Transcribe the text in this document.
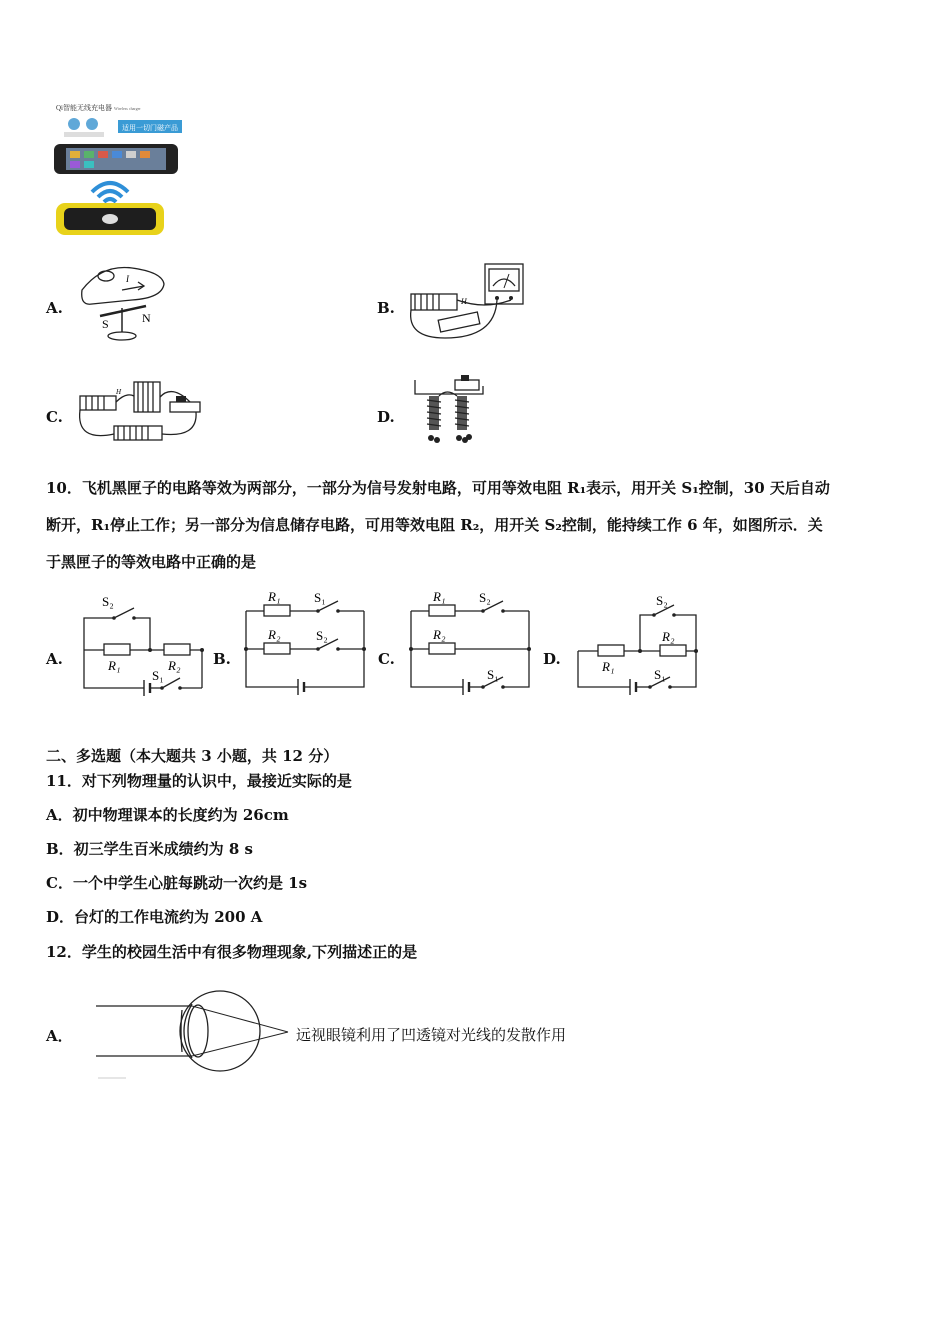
Qi智能无线充电器 Wireless charger
适用一切门磁产品
A.
I
S	N
B.	H
C.
H
D.
10．飞机黑匣子的电路等效为两部分，一部分为信号发射电路，可用等效电阻 R₁表示，用开关 S₁控制，30 天后自动
断开，R₁停止工作；另一部分为信息储存电路，可用等效电阻 R₂，用开关 S₂控制，能持续工作 6 年，如图所示．关
于黑匣子的等效电路中正确的是
A.
S₂
R₁	R₂
S₁
B.
R₁	S₁
R₂	S₂
C.
S₁
R₁	S₂
R₂
D.
S₁
R₁
R₂
S₂
二、多选题（本大题共 3 小题，共 12 分）
11．对下列物理量的认识中，最接近实际的是
A．初中物理课本的长度约为 26cm
B．初三学生百米成绩约为 8 s
C．一个中学生心脏每跳动一次约是 1s
D．台灯的工作电流约为 200 A
12．学生的校园生活中有很多物理现象,下列描述正的是
A．	远视眼镜利用了凹透镜对光线的发散作用
